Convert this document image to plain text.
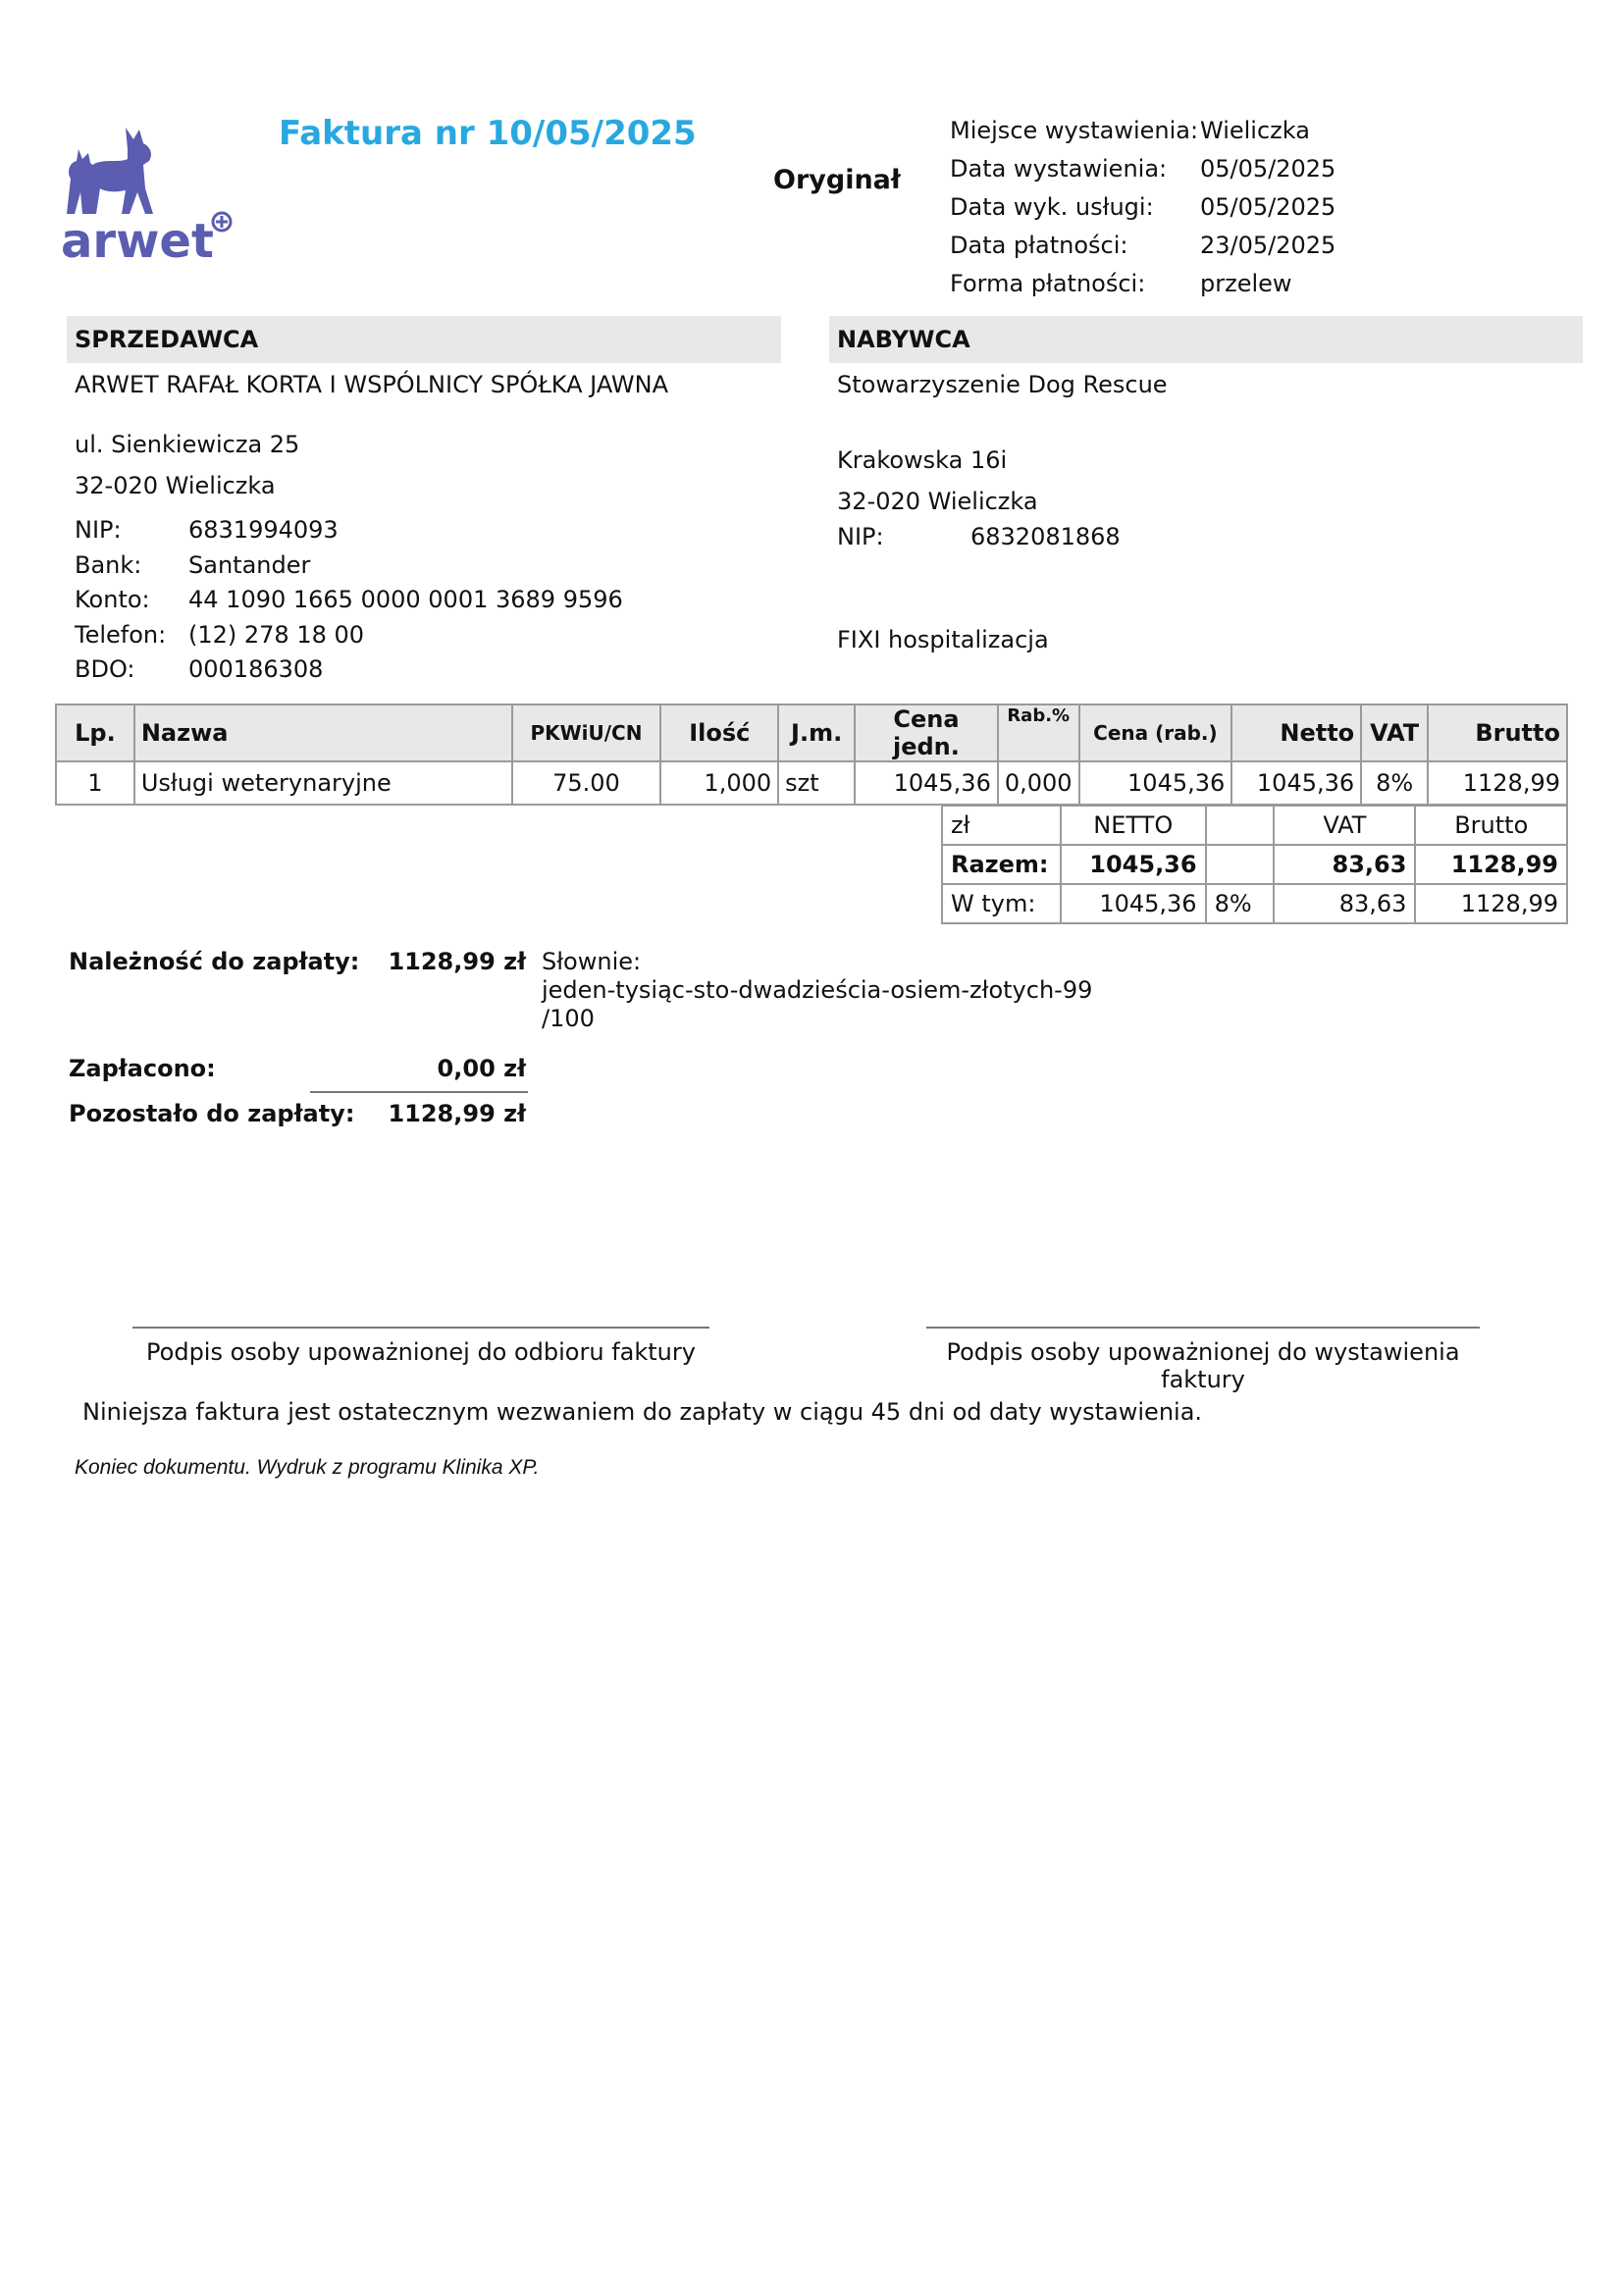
arwet
Faktura nr 10/05/2025
Oryginał
Miejsce wystawienia: Wieliczka
Data wystawienia:	05/05/2025
Data wyk. usługi:	05/05/2025
Data płatności:	23/05/2025
Forma płatności:	przelew
SPRZEDAWCA
ARWET RAFAŁ KORTA I WSPÓLNICY SPÓŁKA JAWNA
ul. Sienkiewicza 25
32-020 Wieliczka
NIP:	6831994093
Bank: Santander
Konto: 44 1090 1665 0000 0001 3689 9596
Telefon: (12) 278 18 00
BDO: 000186308
NABYWCA
Stowarzyszenie Dog Rescue
Krakowska 16i
32-020 Wieliczka
NIP:	6832081868
FIXI hospitalizacja
Lp.	Nazwa	PKWiU/CN	Ilość	J.m.	Cena jedn.	Rab.%	Cena (rab.)	Netto	VAT	Brutto
1	Usługi weterynaryjne	75.00	1,000	szt	1045,36	0,000	1045,36	1045,36	8%	1128,99
zł	NETTO		VAT	Brutto
Razem:	1045,36		83,63	1128,99
W tym:	1045,36	8%	83,63	1128,99
Należność do zapłaty:	1128,99 zł Słownie:
jeden-tysiąc-sto-dwadzieścia-osiem-złotych-99
/100
Zapłacono:	0,00 zł
Pozostało do zapłaty:	1128,99 zł
Podpis osoby upoważnionej do odbioru faktury	Podpis osoby upoważnionej do wystawienia
faktury
Niniejsza faktura jest ostatecznym wezwaniem do zapłaty w ciągu 45 dni od daty wystawienia.
Koniec dokumentu. Wydruk z programu Klinika XP.
